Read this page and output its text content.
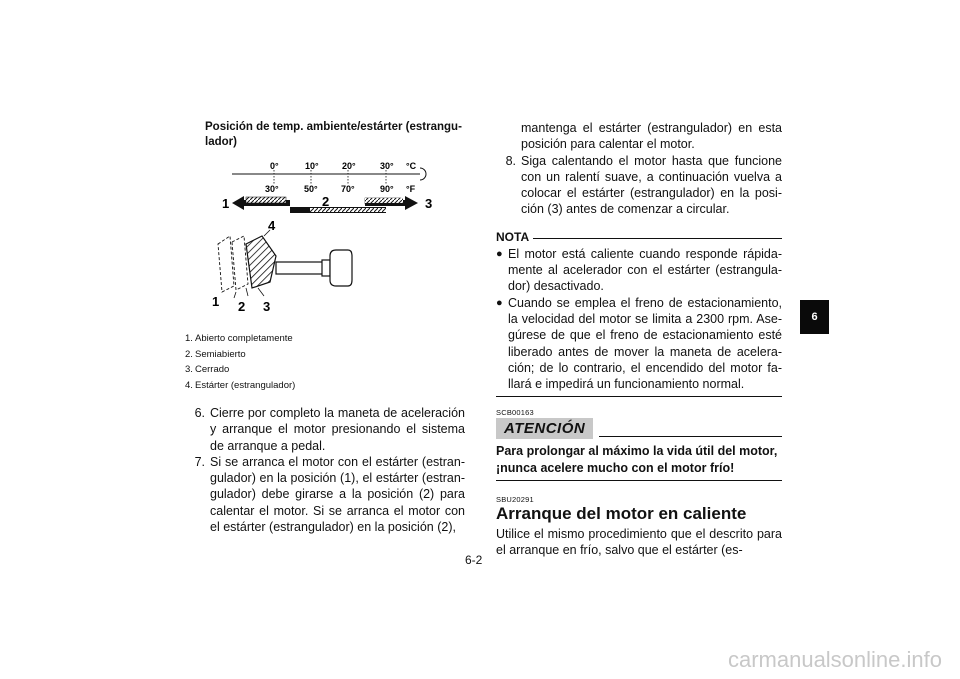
Posición de temp. ambiente/estárter (estrangu-
lador)
0°	10°	20°	30° °C
30°	50°	70°	90° °F
1	2	3
4
1 2 3
1. Abierto completamente
2. Semiabierto
3. Cerrado
4. Estárter (estrangulador)
6. Cierre por completo la maneta de aceleración y arranque el motor presionando el sistema de arranque a pedal.
7. Si se arranca el motor con el estárter (estran-gulador) en la posición (1), el estárter (estran-gulador) debe girarse a la posición (2) para calentar el motor. Si se arranca el motor con el estárter (estrangulador) en la posición (2),
mantenga el estárter (estrangulador) en esta posición para calentar el motor.
8. Siga calentando el motor hasta que funcione con un ralentí suave, a continuación vuelva a colocar el estárter (estrangulador) en la posi-ción (3) antes de comenzar a circular.
NOTA
● El motor está caliente cuando responde rápida-mente al acelerador con el estárter (estrangula-dor) desactivado.
● Cuando se emplea el freno de estacionamiento, la velocidad del motor se limita a 2300 rpm. Ase-gúrese de que el freno de estacionamiento esté liberado antes de mover la maneta de acelera-ción; de lo contrario, el encendido del motor fa-llará e impedirá un funcionamiento normal.
SCB00163
ATENCIÓN
Para prolongar al máximo la vida útil del motor, ¡nunca acelere mucho con el motor frío!
SBU20291
Arranque del motor en caliente
Utilice el mismo procedimiento que el descrito para el arranque en frío, salvo que el estárter (es-
6-2
6
carmanualsonline.info
